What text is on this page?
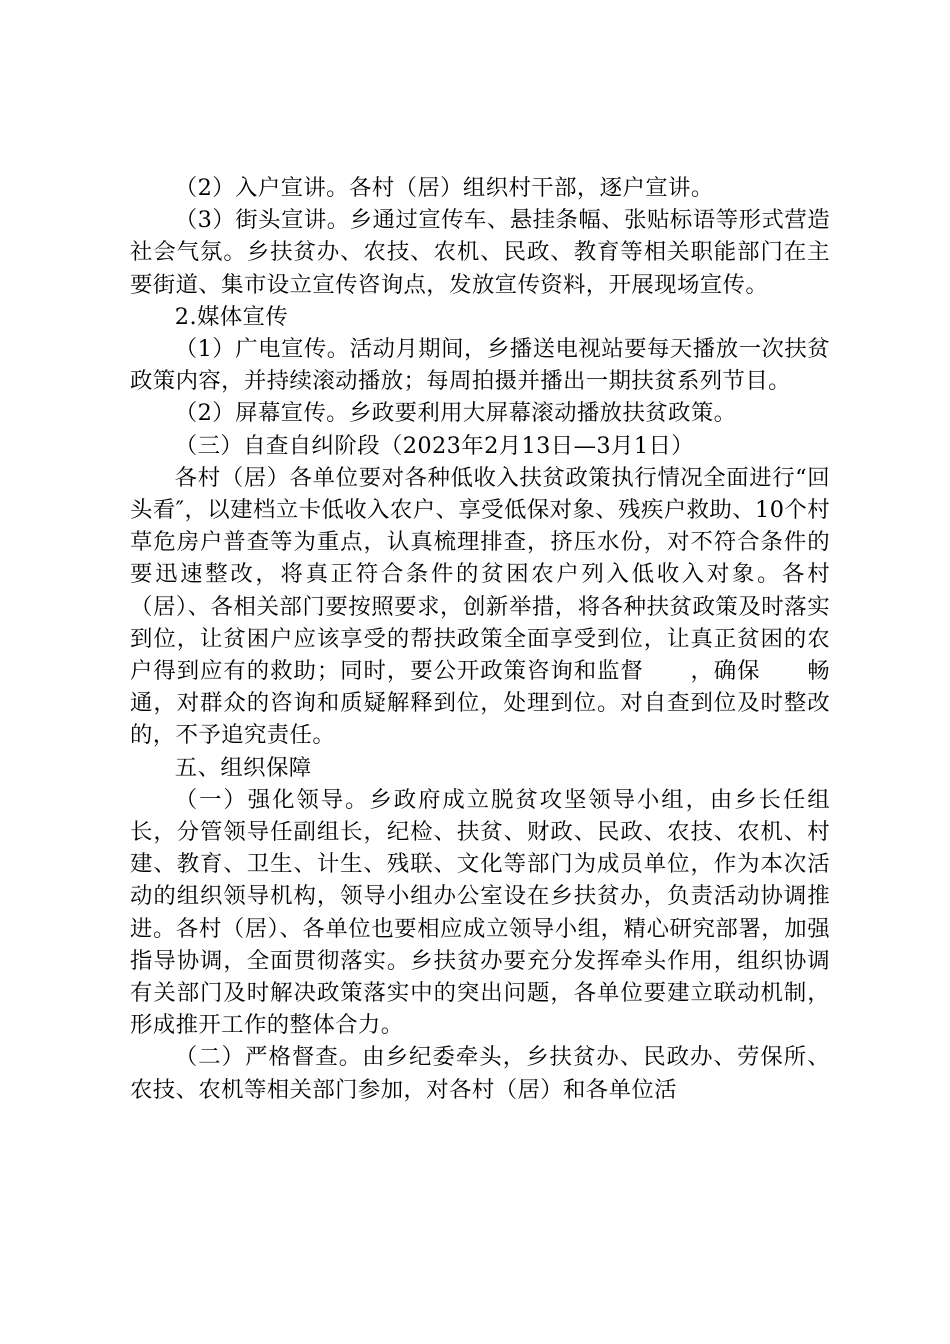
（2）入户宣讲。各村（居）组织村干部，逐户宣讲。

（3）街头宣讲。乡通过宣传车、悬挂条幅、张贴标语等形式营造社会气氛。乡扶贫办、农技、农机、民政、教育等相关职能部门在主要街道、集市设立宣传咨询点，发放宣传资料，开展现场宣传。

2.媒体宣传

（1）广电宣传。活动月期间，乡播送电视站要每天播放一次扶贫政策内容，并持续滚动播放；每周拍摄并播出一期扶贫系列节目。

（2）屏幕宣传。乡政要利用大屏幕滚动播放扶贫政策。

（三）自查自纠阶段（2023年2月13日—3月1日）

各村（居）各单位要对各种低收入扶贫政策执行情况全面进行“回头看″，以建档立卡低收入农户、享受低保对象、残疾户救助、10个村草危房户普查等为重点，认真梳理排查，挤压水份，对不符合条件的要迅速整改，将真正符合条件的贫困农户列入低收入对象。各村（居）、各相关部门要按照要求，创新举措，将各种扶贫政策及时落实到位，让贫困户应该享受的帮扶政策全面享受到位，让真正贫困的农户得到应有的救助；同时，要公开政策咨询和监督　　，确保　　畅通，对群众的咨询和质疑解释到位，处理到位。对自查到位及时整改的，不予追究责任。

五、组织保障

（一）强化领导。乡政府成立脱贫攻坚领导小组，由乡长任组长，分管领导任副组长，纪检、扶贫、财政、民政、农技、农机、村建、教育、卫生、计生、残联、文化等部门为成员单位，作为本次活动的组织领导机构，领导小组办公室设在乡扶贫办，负责活动协调推进。各村（居）、各单位也要相应成立领导小组，精心研究部署，加强指导协调，全面贯彻落实。乡扶贫办要充分发挥牵头作用，组织协调有关部门及时解决政策落实中的突出问题，各单位要建立联动机制，形成推开工作的整体合力。

（二）严格督查。由乡纪委牵头，乡扶贫办、民政办、劳保所、农技、农机等相关部门参加，对各村（居）和各单位活
